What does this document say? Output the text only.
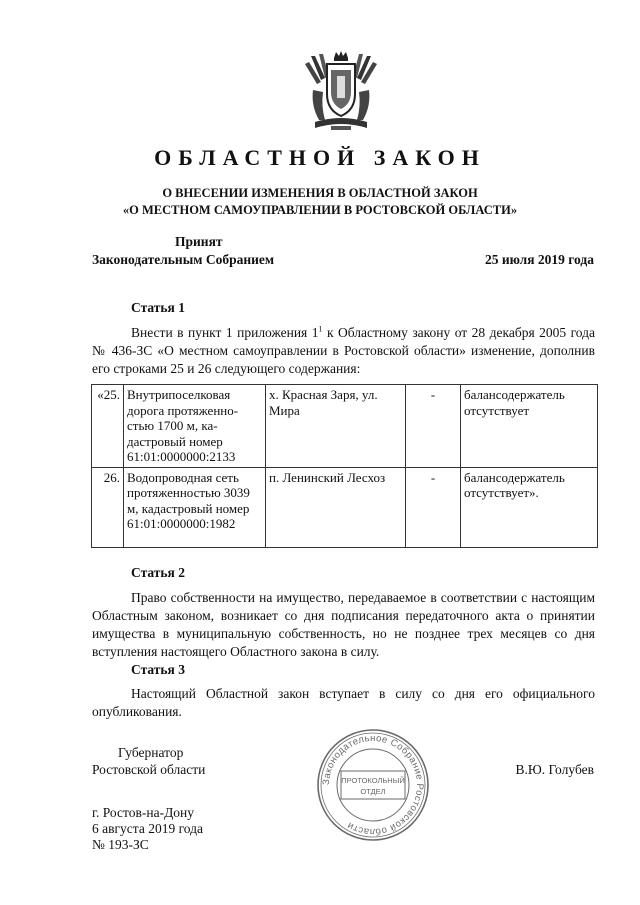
ОБЛАСТНОЙ ЗАКОН
О ВНЕСЕНИИ ИЗМЕНЕНИЯ В ОБЛАСТНОЙ ЗАКОН
«О МЕСТНОМ САМОУПРАВЛЕНИИ В РОСТОВСКОЙ ОБЛАСТИ»
Принят
Законодательным Собранием	25 июля 2019 года
Статья 1

Внести в пункт 1 приложения $1^1$ к Областному закону от 28 декабря 2005 года № 436-ЗС «О местном самоуправлении в Ростовской области» изменение, дополнив его строками 25 и 26 следующего содержания:

«25.	Внутрипоселковая дорога протяженно-стью 1700 м, ка-дастровый номер 61:01:0000000:2133	х. Красная Заря, ул. Мира	-	балансодержатель отсутствует
26.	Водопроводная сеть протяженностью 3039 м, кадастровый номер 61:01:0000000:1982	п. Ленинский Лесхоз	-	балансодержатель отсутствует».
Статья 2

Право собственности на имущество, передаваемое в соответствии с настоящим Областным законом, возникает со дня подписания передаточного акта о принятии имущества в муниципальную собственность, но не позднее трех месяцев со дня вступления настоящего Областного закона в силу.

Статья 3

Настоящий Областной закон вступает в силу со дня его официального опубликования.

Губернатор
Ростовской области	В.Ю. Голубев
Законодательное Собрание Ростовской области
ПРОТОКОЛЬНЫЙ
ОТДЕЛ
г. Ростов-на-Дону
6 августа 2019 года
№ 193-ЗС
